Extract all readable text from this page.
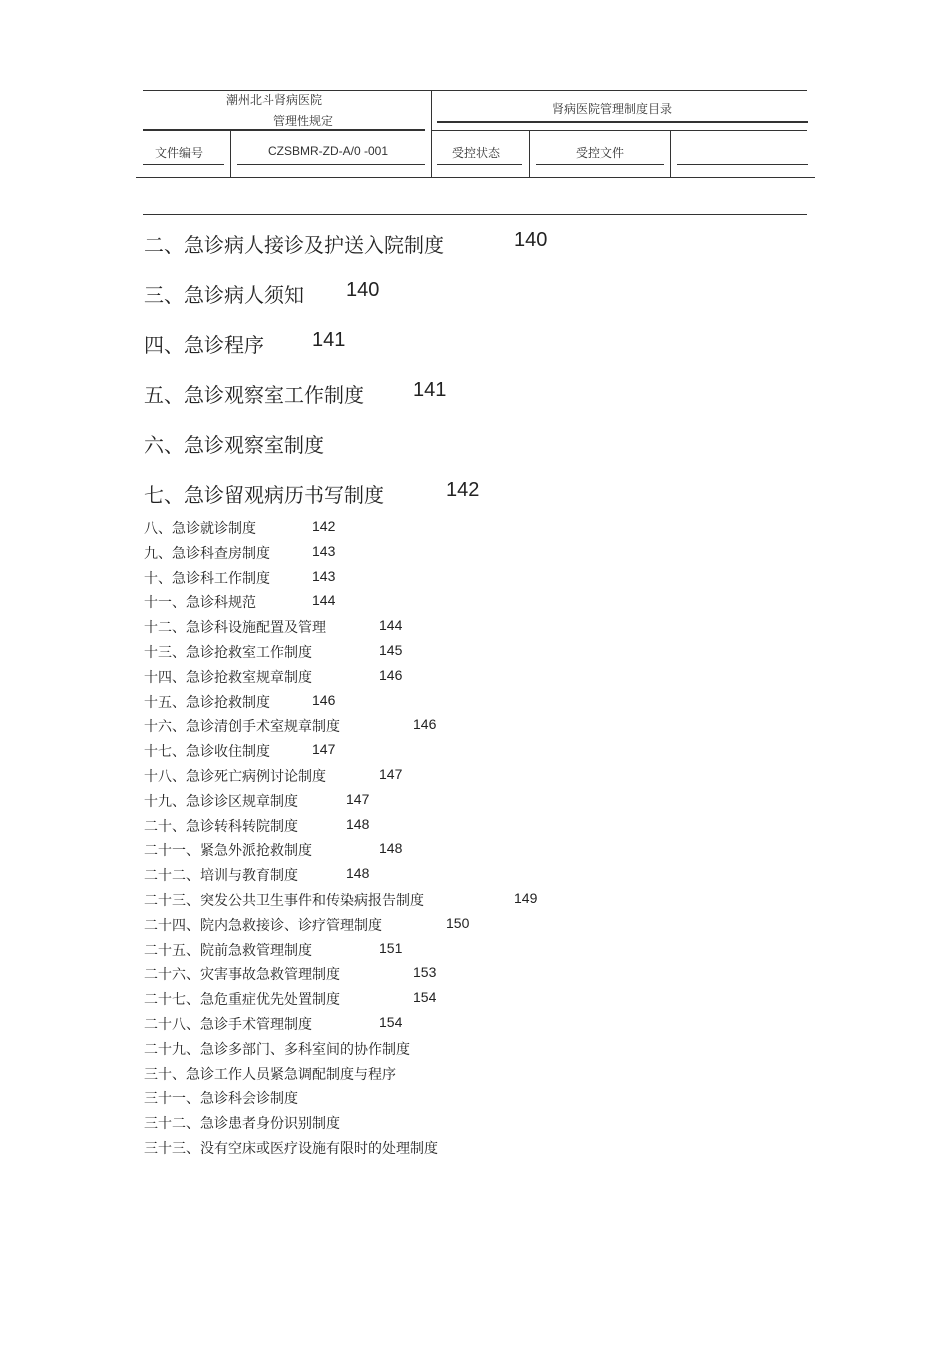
潮州北斗肾病医院
管理性规定
肾病医院管理制度目录
文件编号	CZSBMR-ZD-A/0 -001	受控状态	受控文件
二、急诊病人接诊及护送入院制度	140
三、急诊病人须知 140
四、急诊程序 141
五、急诊观察室工作制度 141
六、急诊观察室制度
七、急诊留观病历书写制度	142
八、急诊就诊制度	142
九、急诊科查房制度	143
十、急诊科工作制度	143
十一、急诊科规范	144
十二、急诊科设施配置及管理	144
十三、急诊抢救室工作制度	145
十四、急诊抢救室规章制度	146
十五、急诊抢救制度	146
十六、急诊清创手术室规章制度	146
十七、急诊收住制度	147
十八、急诊死亡病例讨论制度	147
十九、急诊诊区规章制度	147
二十、急诊转科转院制度	148
二十一、紧急外派抢救制度	148
二十二、培训与教育制度	148
二十三、突发公共卫生事件和传染病报告制度	149
二十四、院内急救接诊、诊疗管理制度	150
二十五、院前急救管理制度	151
二十六、灾害事故急救管理制度	153
二十七、急危重症优先处置制度	154
二十八、急诊手术管理制度	154
二十九、急诊多部门、多科室间的协作制度
三十、急诊工作人员紧急调配制度与程序
三十一、急诊科会诊制度
三十二、急诊患者身份识别制度
三十三、没有空床或医疗设施有限时的处理制度
